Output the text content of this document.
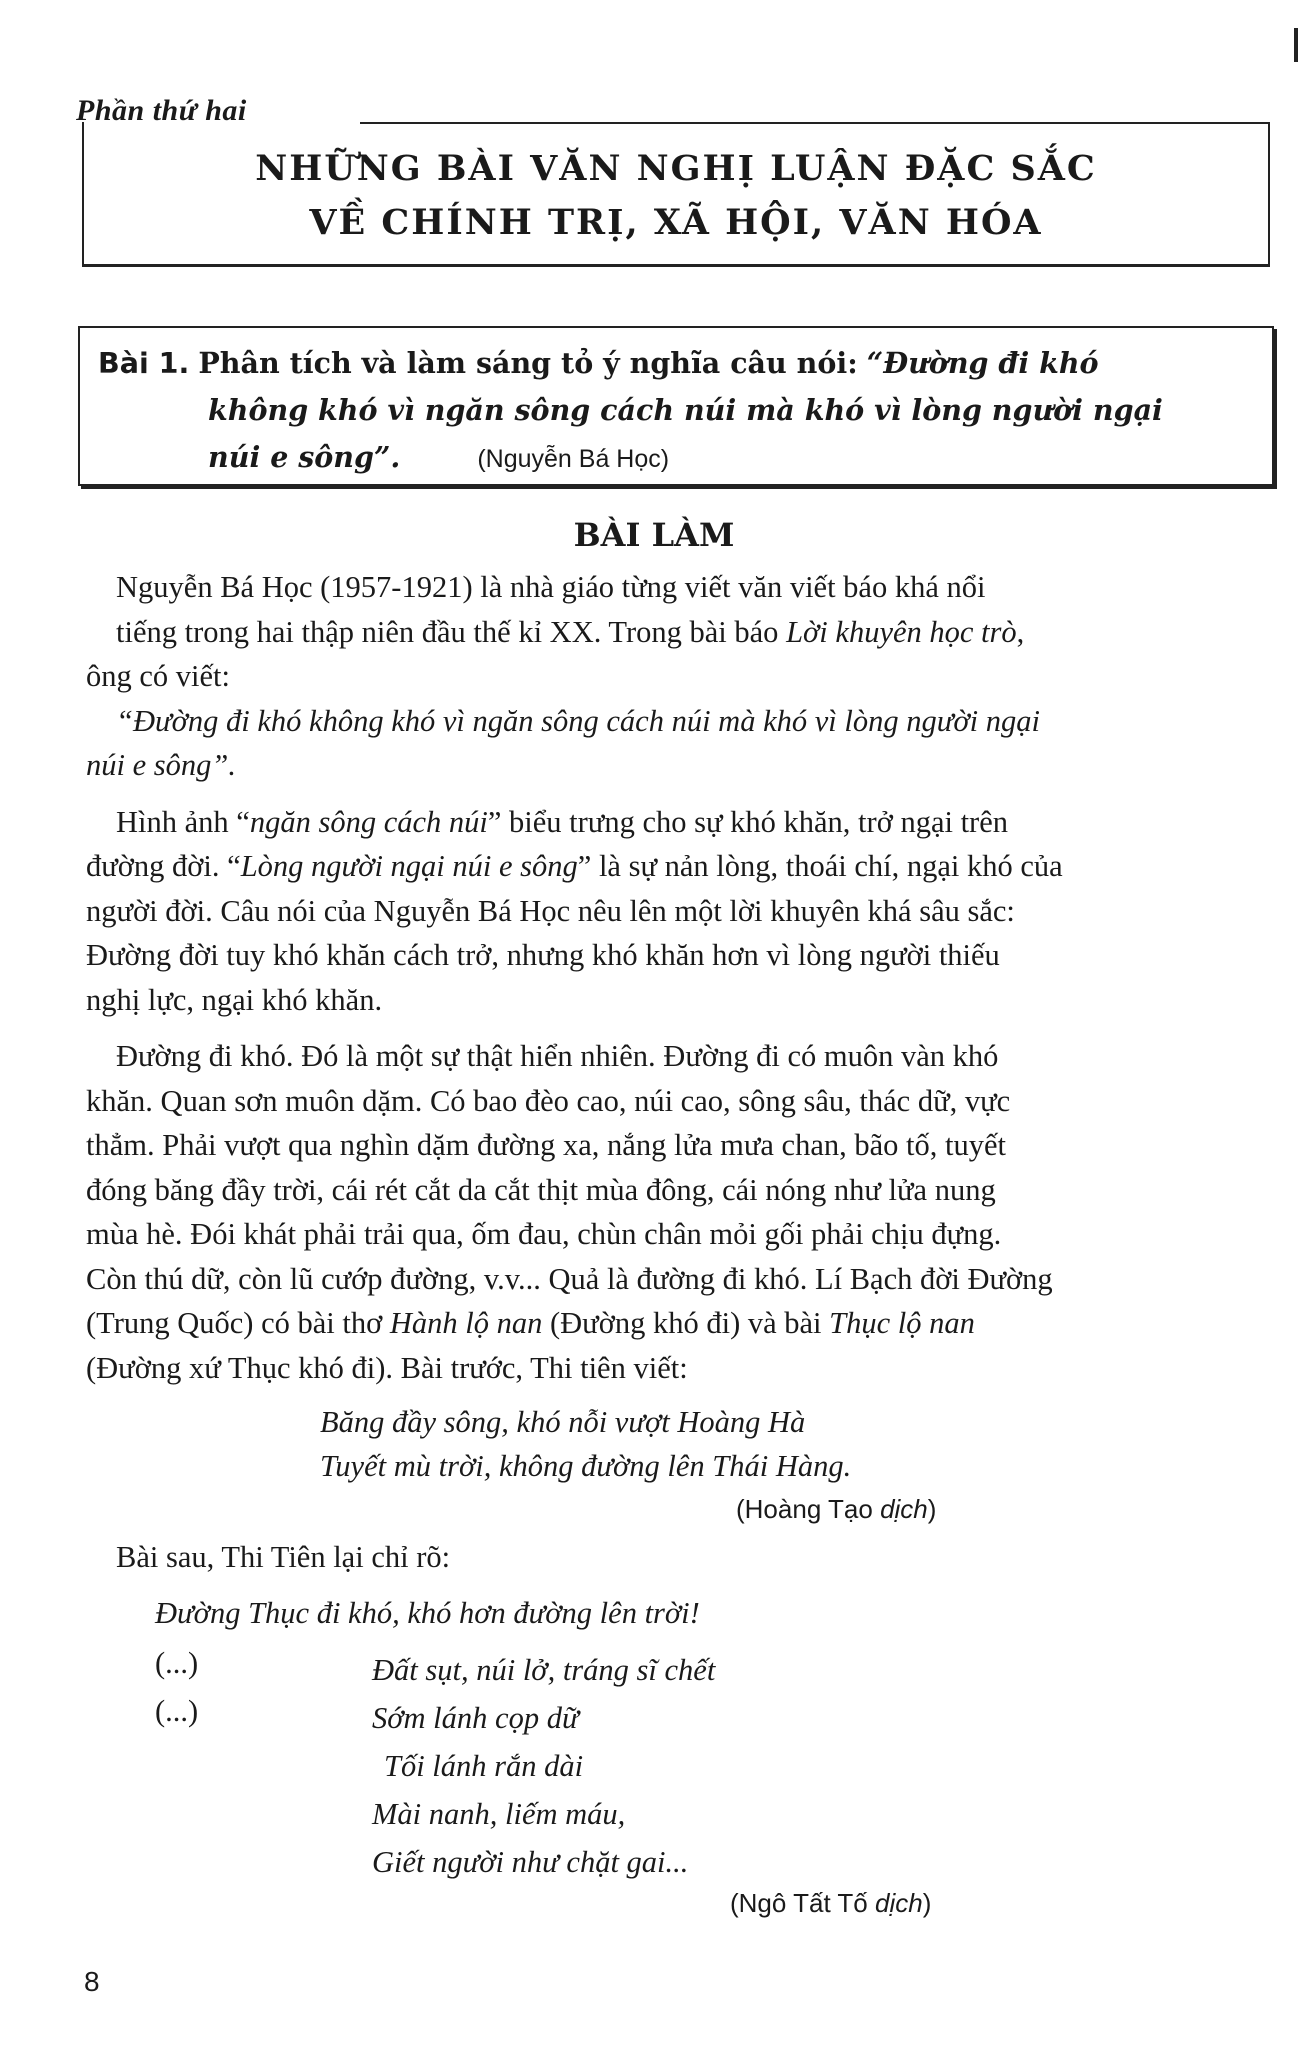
Phần thứ hai
NHỮNG BÀI VĂN NGHỊ LUẬN ĐẶC SẮC
VỀ CHÍNH TRỊ, XÃ HỘI, VĂN HÓA
Bài 1. Phân tích và làm sáng tỏ ý nghĩa câu nói: “Đường đi khó
không khó vì ngăn sông cách núi mà khó vì lòng người ngại
núi e sông”.	(Nguyễn Bá Học)
BÀI LÀM

Nguyễn Bá Học (1957-1921) là nhà giáo từng viết văn viết báo khá nổi
tiếng trong hai thập niên đầu thế kỉ XX. Trong bài báo Lời khuyên học trò,
ông có viết:

“Đường đi khó không khó vì ngăn sông cách núi mà khó vì lòng người ngại
núi e sông”.

Hình ảnh “ngăn sông cách núi” biểu trưng cho sự khó khăn, trở ngại trên
đường đời. “Lòng người ngại núi e sông” là sự nản lòng, thoái chí, ngại khó của
người đời. Câu nói của Nguyễn Bá Học nêu lên một lời khuyên khá sâu sắc:
Đường đời tuy khó khăn cách trở, nhưng khó khăn hơn vì lòng người thiếu
nghị lực, ngại khó khăn.

Đường đi khó. Đó là một sự thật hiển nhiên. Đường đi có muôn vàn khó
khăn. Quan sơn muôn dặm. Có bao đèo cao, núi cao, sông sâu, thác dữ, vực
thẳm. Phải vượt qua nghìn dặm đường xa, nắng lửa mưa chan, bão tố, tuyết
đóng băng đầy trời, cái rét cắt da cắt thịt mùa đông, cái nóng như lửa nung
mùa hè. Đói khát phải trải qua, ốm đau, chùn chân mỏi gối phải chịu đựng.
Còn thú dữ, còn lũ cướp đường, v.v... Quả là đường đi khó. Lí Bạch đời Đường
(Trung Quốc) có bài thơ Hành lộ nan (Đường khó đi) và bài Thục lộ nan
(Đường xứ Thục khó đi). Bài trước, Thi tiên viết:

Băng đầy sông, khó nỗi vượt Hoàng Hà
Tuyết mù trời, không đường lên Thái Hàng.
(Hoàng Tạo dịch)
Bài sau, Thi Tiên lại chỉ rõ:
Đường Thục đi khó, khó hơn đường lên trời!
(...)
(...)
Đất sụt, núi lở, tráng sĩ chết
Sớm lánh cọp dữ
Tối lánh rắn dài
Mài nanh, liếm máu,
Giết người như chặt gai...
(Ngô Tất Tố dịch)
8
